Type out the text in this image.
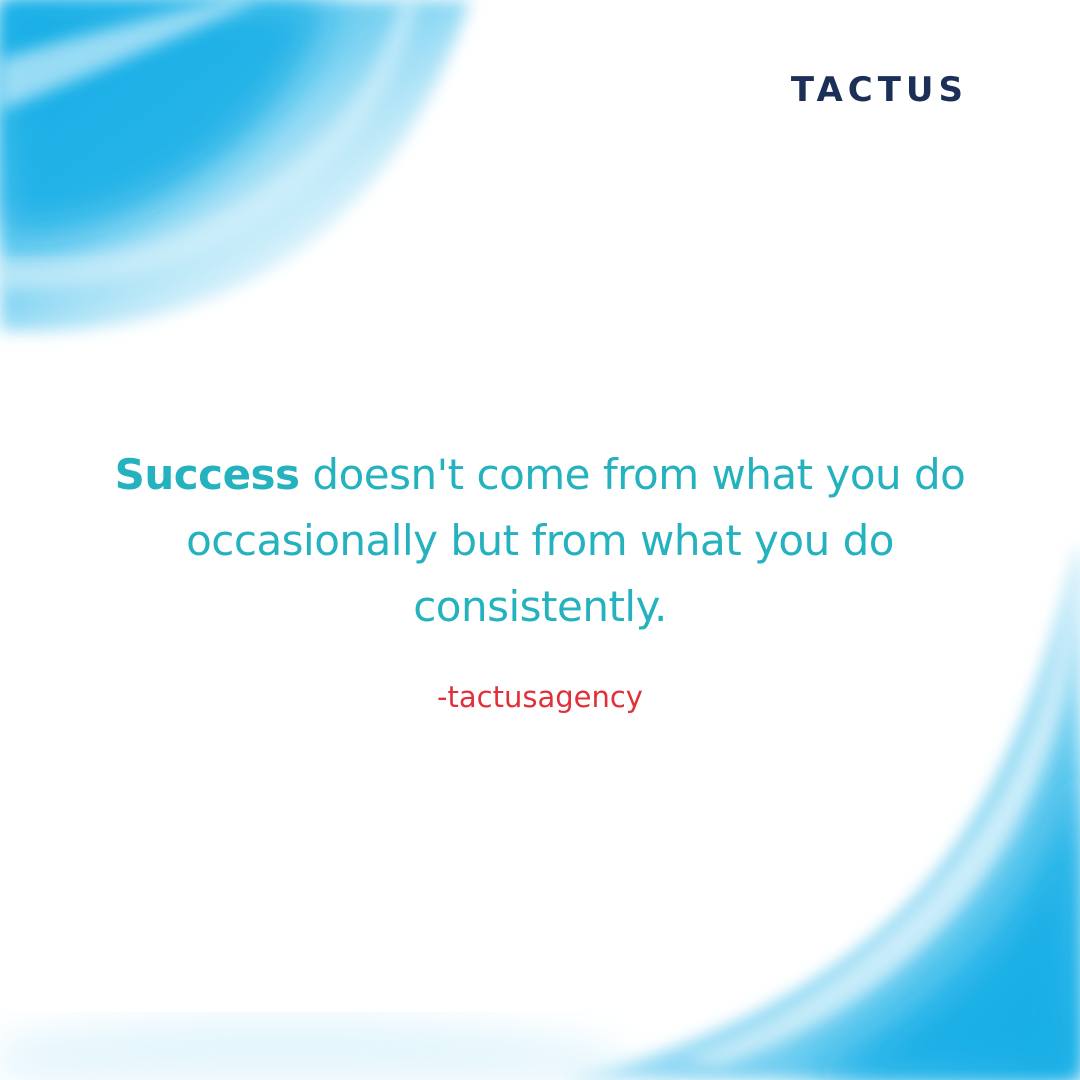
TACTUS

Success doesn't come from what you do occasionally but from what you do consistently.

-tactusagency
